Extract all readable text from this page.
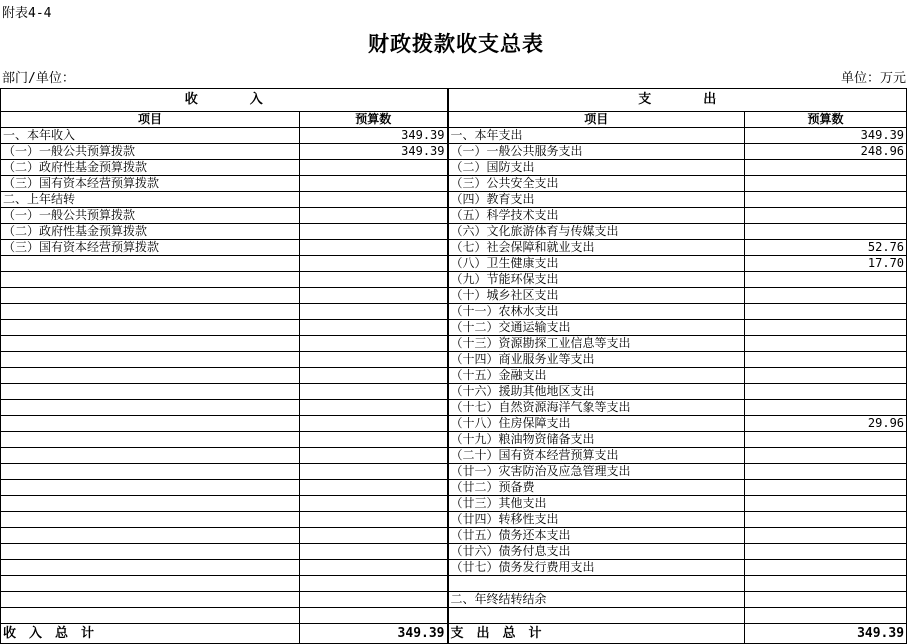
附表4-4
财政拨款收支总表
部门/单位：	单位：万元
收　　　　入		支　　　　出	
项目	预算数	项目	预算数
一、本年收入	349.39	一、本年支出	349.39
（一）一般公共预算拨款	349.39	（一）一般公共服务支出	248.96
（二）政府性基金预算拨款		（二）国防支出	
（三）国有资本经营预算拨款		（三）公共安全支出	
二、上年结转		（四）教育支出	
（一）一般公共预算拨款		（五）科学技术支出	
（二）政府性基金预算拨款		（六）文化旅游体育与传媒支出	
（三）国有资本经营预算拨款		（七）社会保障和就业支出	52.76
		（八）卫生健康支出	17.70
		（九）节能环保支出	
		（十）城乡社区支出	
		（十一）农林水支出	
		（十二）交通运输支出	
		（十三）资源勘探工业信息等支出	
		（十四）商业服务业等支出	
		（十五）金融支出	
		（十六）援助其他地区支出	
		（十七）自然资源海洋气象等支出	
		（十八）住房保障支出	29.96
		（十九）粮油物资储备支出	
		（二十）国有资本经营预算支出	
		（廿一）灾害防治及应急管理支出	
		（廿二）预备费	
		（廿三）其他支出	
		（廿四）转移性支出	
		（廿五）债务还本支出	
		（廿六）债务付息支出	
		（廿七）债务发行费用支出	

		二、年终结转结余	

收　入　总　计	349.39	支　出　总　计	349.39
